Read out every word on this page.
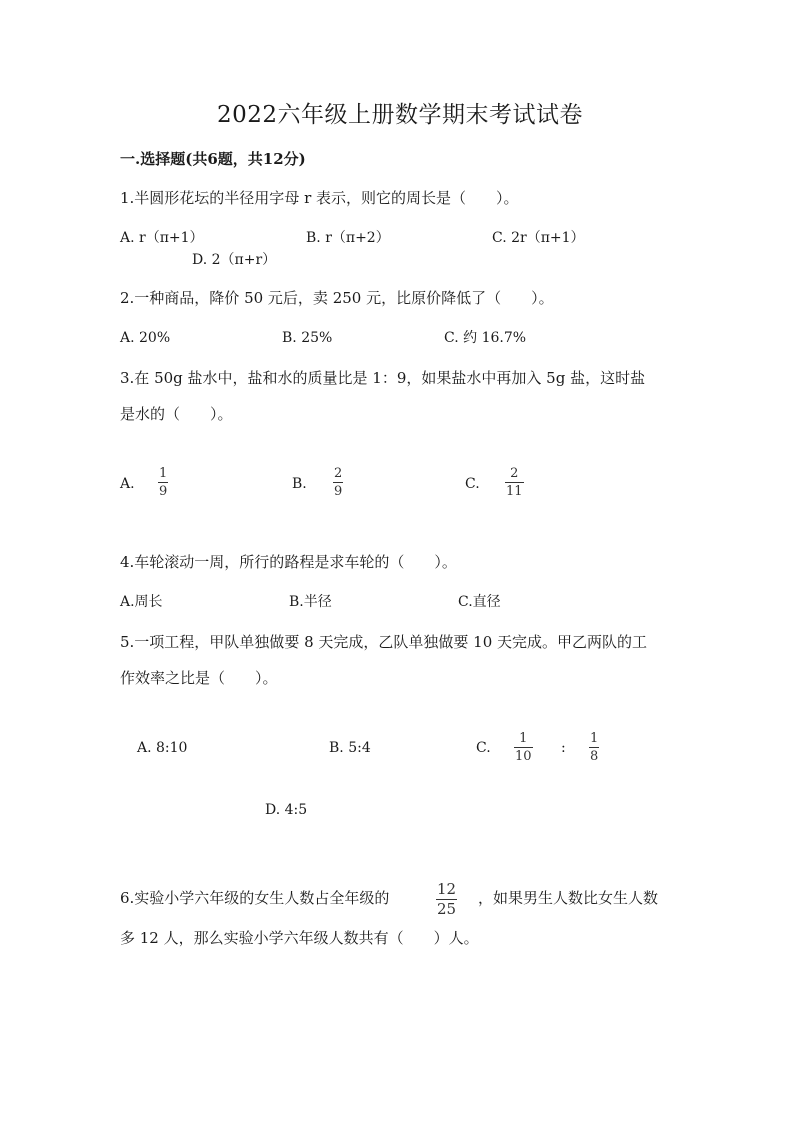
2022六年级上册数学期末考试试卷
一.选择题(共6题，共12分)
1.半圆形花坛的半径用字母 r 表示，则它的周长是（　　）。
A. r（π+1）	B. r（π+2）	C. 2r（π+1）
D. 2（π+r）
2.一种商品，降价 50 元后，卖 250 元，比原价降低了（　　）。
A. 20%	B. 25%	C. 约 16.7%
3.在 50g 盐水中，盐和水的质量比是 1：9，如果盐水中再加入 5g 盐，这时盐
是水的（　　）。
A.
1
9	B.
2
9	C.
2
11
4.车轮滚动一周，所行的路程是求车轮的（　　）。
A.周长	B.半径	C.直径
5.一项工程，甲队单独做要 8 天完成，乙队单独做要 10 天完成。甲乙两队的工
作效率之比是（　　）。
A. 8:10	B. 5:4	C.
1
10
:
1
8
D. 4:5
6.实验小学六年级的女生人数占全年级的	12
25
，如果男生人数比女生人数
多 12 人，那么实验小学六年级人数共有（　　）人。
